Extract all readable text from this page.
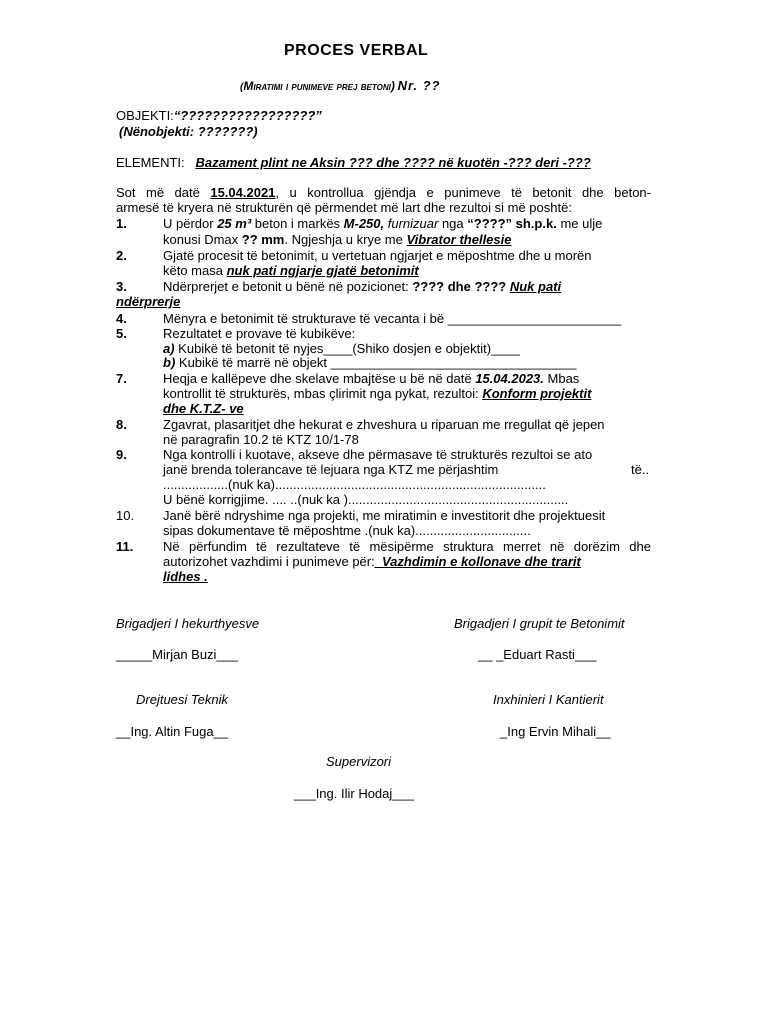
PROCES VERBAL
(Miratimi i punimeve prej betoni) Nr. ??
OBJEKTI:“?????????????????”
(Nënobjekti: ???????)
ELEMENTI: Bazament plint ne Aksin ??? dhe ???? në kuotën -??? deri -???
Sot më datë 15.04.2021, u kontrollua gjëndja e punimeve të betonit dhe beton-
armesë të kryera në strukturën që përmendet më lart dhe rezultoi si më poshtë:
1.	U përdor 25 m³ beton i markës M-250, furnizuar nga “????” sh.p.k. me ulje
konusi Dmax ?? mm. Ngjeshja u krye me Vibrator thellesie
2.	Gjatë procesit të betonimit, u vertetuan ngjarjet e mëposhtme dhe u morën
këto masa nuk pati ngjarje gjatë betonimit
3.	Ndërprerjet e betonit u bënë në pozicionet: ???? dhe ???? Nuk pati
ndërprerje
4.	Mënyra e betonimit të strukturave të vecanta i bë ________________________
5.	Rezultatet e provave të kubikëve:
a) Kubikë të betonit të nyjes____(Shiko dosjen e objektit)____
b) Kubikë të marrë në objekt __________________________________
7.	Heqja e kallëpeve dhe skelave mbajtëse u bë në datë 15.04.2023. Mbas
kontrollit të strukturës, mbas çlirimit nga pykat, rezultoi: Konform projektit
dhe K.T.Z- ve
8.	Zgavrat, plasaritjet dhe hekurat e zhveshura u riparuan me rregullat që jepen
në paragrafin 10.2 të KTZ 10/1-78
9.	Nga kontrolli i kuotave, akseve dhe përmasave të strukturës rezultoi se ato
janë brenda tolerancave të lejuara nga KTZ me përjashtim	të..
..................(nuk ka)...........................................................................
U bënë korrigjime. .... ..(nuk ka ).............................................................
10. Janë bërë ndryshime nga projekti, me miratimin e investitorit dhe projektuesit
sipas dokumentave të mëposhtme .(nuk ka)................................
11. Në përfundim të rezultateve të mësipërme struktura merret në dorëzim dhe
autorizohet vazhdimi i punimeve për:_Vazhdimin e kollonave dhe trarit
lidhes .
Brigadjeri I hekurthyesve	Brigadjeri I grupit te Betonimit
_____Mirjan Buzi___	__ _Eduart Rasti___
Drejtuesi Teknik	Inxhinieri I Kantierit
__Ing. Altin Fuga__	_Ing Ervin Mihali__
Supervizori
___Ing. Ilir Hodaj___
